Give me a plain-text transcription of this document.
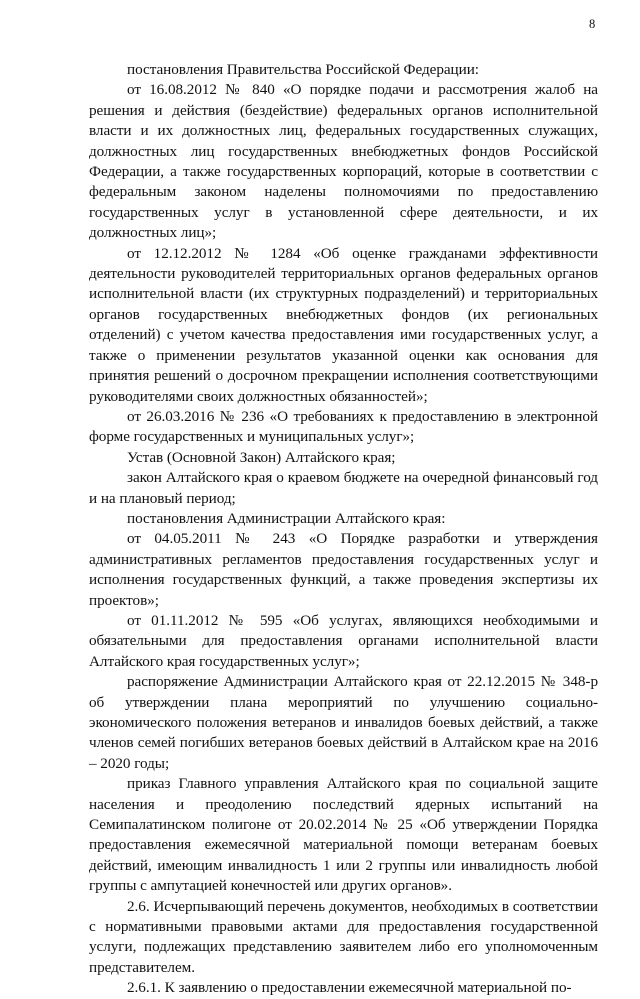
8

постановления Правительства Российской Федерации:

от 16.08.2012 № 840 «О порядке подачи и рассмотрения жалоб на решения и действия (бездействие) федеральных органов исполнительной власти и их должностных лиц, федеральных государственных служащих, должностных лиц государственных внебюджетных фондов Российской Федерации, а также государственных корпораций, которые в соответствии с федеральным законом наделены полномочиями по предоставлению государственных услуг в установленной сфере деятельности, и их должностных лиц»;

от 12.12.2012 № 1284 «Об оценке гражданами эффективности деятельности руководителей территориальных органов федеральных органов исполнительной власти (их структурных подразделений) и территориальных органов государственных внебюджетных фондов (их региональных отделений) с учетом качества предоставления ими государственных услуг, а также о применении результатов указанной оценки как основания для принятия решений о досрочном прекращении исполнения соответствующими руководителями своих должностных обязанностей»;

от 26.03.2016 № 236 «О требованиях к предоставлению в электронной форме государственных и муниципальных услуг»;

Устав (Основной Закон) Алтайского края;

закон Алтайского края о краевом бюджете на очередной финансовый год и на плановый период;

постановления Администрации Алтайского края:

от 04.05.2011 № 243 «О Порядке разработки и утверждения административных регламентов предоставления государственных услуг и исполнения государственных функций, а также проведения экспертизы их проектов»;

от 01.11.2012 № 595 «Об услугах, являющихся необходимыми и обязательными для предоставления органами исполнительной власти Алтайского края государственных услуг»;

распоряжение Администрации Алтайского края от 22.12.2015 № 348-р об утверждении плана мероприятий по улучшению социально-экономического положения ветеранов и инвалидов боевых действий, а также членов семей погибших ветеранов боевых действий в Алтайском крае на 2016 – 2020 годы;

приказ Главного управления Алтайского края по социальной защите населения и преодолению последствий ядерных испытаний на Семипалатинском полигоне от 20.02.2014 № 25 «Об утверждении Порядка предоставления ежемесячной материальной помощи ветеранам боевых действий, имеющим инвалидность 1 или 2 группы или инвалидность любой группы с ампутацией конечностей или других органов».

2.6. Исчерпывающий перечень документов, необходимых в соответствии с нормативными правовыми актами для предоставления государственной услуги, подлежащих представлению заявителем либо его уполномоченным представителем.

2.6.1. К заявлению о предоставлении ежемесячной материальной по-
